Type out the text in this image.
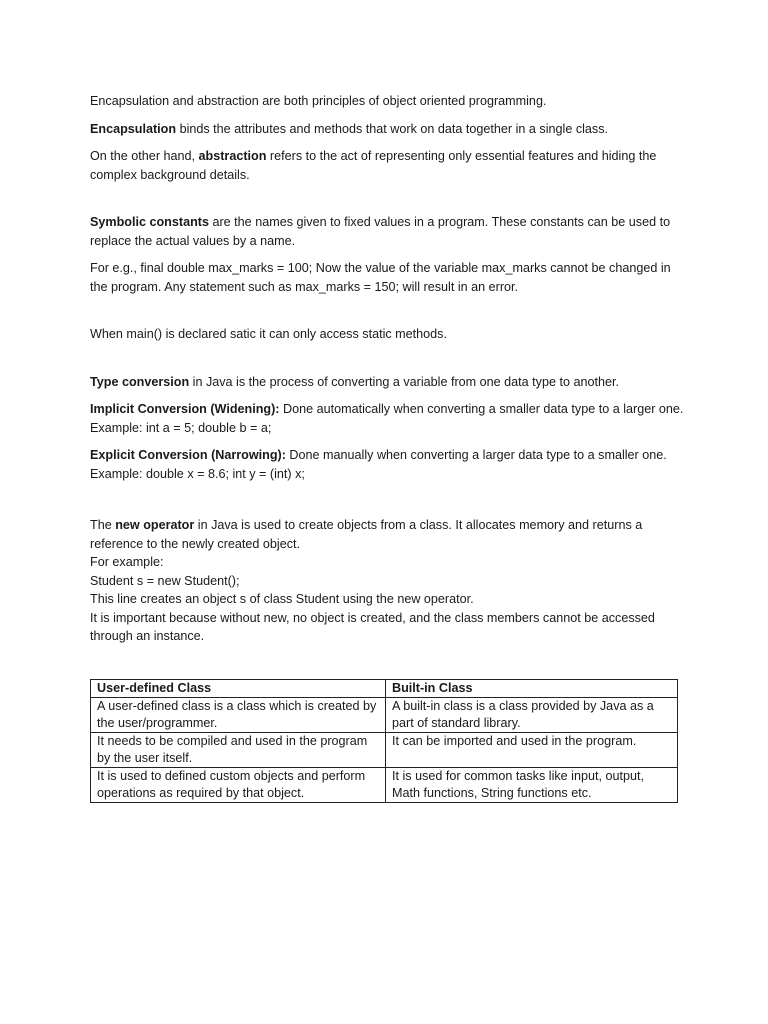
Encapsulation and abstraction are both principles of object oriented programming.

Encapsulation binds the attributes and methods that work on data together in a single class.

On the other hand, abstraction refers to the act of representing only essential features and hiding the complex background details.

Symbolic constants are the names given to fixed values in a program. These constants can be used to replace the actual values by a name.

For e.g., final double max_marks = 100; Now the value of the variable max_marks cannot be changed in the program. Any statement such as max_marks = 150; will result in an error.

When main() is declared satic it can only access static methods.

Type conversion in Java is the process of converting a variable from one data type to another.

Implicit Conversion (Widening): Done automatically when converting a smaller data type to a larger one.
Example: int a = 5; double b = a;

Explicit Conversion (Narrowing): Done manually when converting a larger data type to a smaller one.
Example: double x = 8.6; int y = (int) x;

The new operator in Java is used to create objects from a class. It allocates memory and returns a reference to the newly created object.
For example:
Student s = new Student();
This line creates an object s of class Student using the new operator.
It is important because without new, no object is created, and the class members cannot be accessed through an instance.

User-defined Class	Built-in Class
A user-defined class is a class which is created by the user/programmer.	A built-in class is a class provided by Java as a part of standard library.
It needs to be compiled and used in the program by the user itself.	It can be imported and used in the program.
It is used to defined custom objects and perform operations as required by that object.	It is used for common tasks like input, output, Math functions, String functions etc.
